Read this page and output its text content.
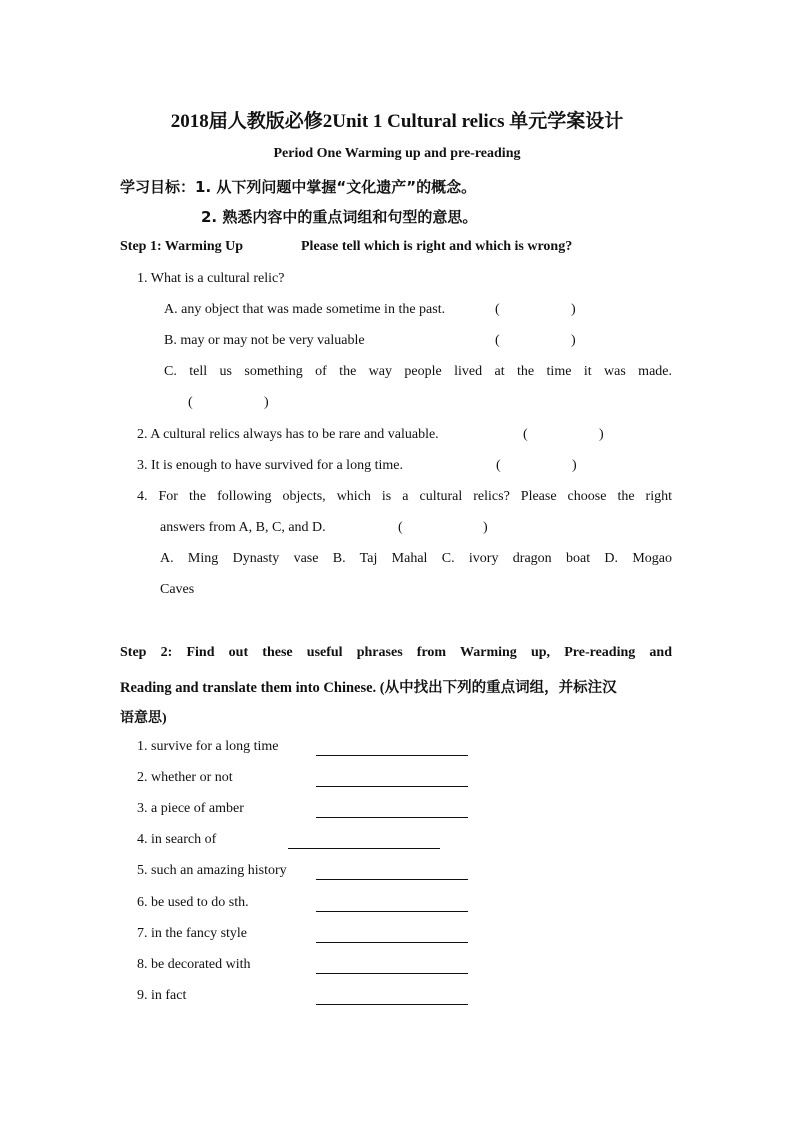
2018届人教版必修2Unit 1 Cultural relics 单元学案设计
Period One Warming up and pre-reading
学习目标：1. 从下列问题中掌握“文化遗产”的概念。
2. 熟悉内容中的重点词组和句型的意思。
Step 1: Warming Up	Please tell which is right and which is wrong?
1. What is a cultural relic?
A. any object that was made sometime in the past.	(	)
B. may or may not be very valuable	(	)
C. tell us something of the way people lived at the time it was made.
(	)
2. A cultural relics always has to be rare and valuable.	(	)
3. It is enough to have survived for a long time.	(	)
4. For the following objects, which is a cultural relics? Please choose the right
answers from A, B, C, and D.	(	)
A. Ming Dynasty vase B. Taj Mahal C. ivory dragon boat D. Mogao
Caves
Step 2: Find out these useful phrases from Warming up, Pre-reading and
Reading and translate them into Chinese. (从中找出下列的重点词组，并标注汉
语意思)
1. survive for a long time
2. whether or not
3. a piece of amber
4. in search of
5. such an amazing history
6. be used to do sth.
7. in the fancy style
8. be decorated with
9. in fact
